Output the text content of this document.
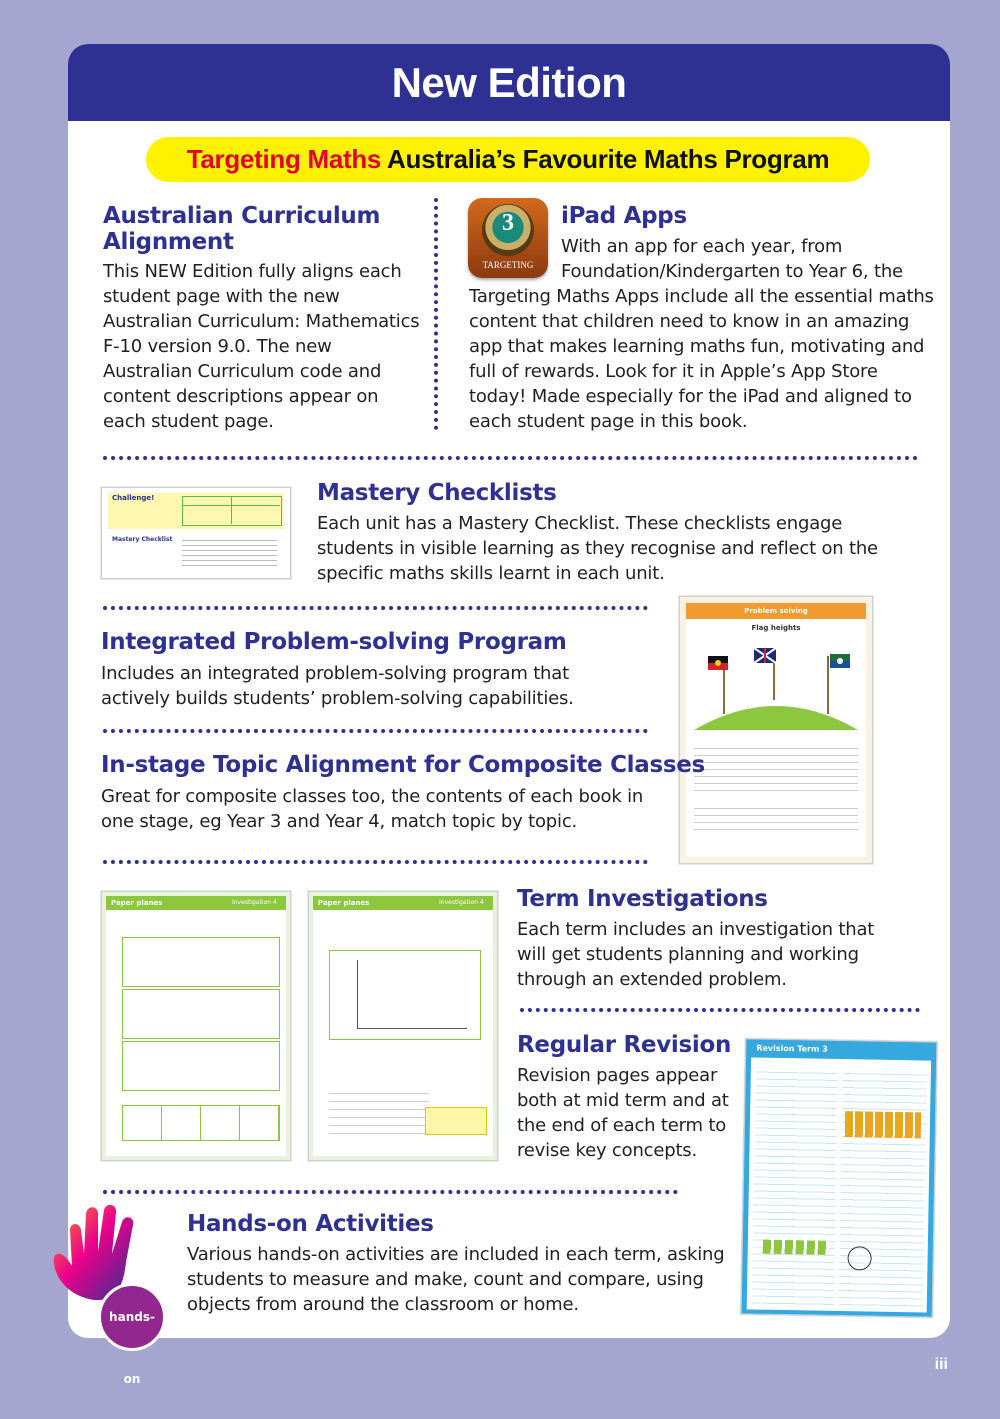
New Edition
Targeting Maths Australia’s Favourite Maths Program
Australian Curriculum
Alignment
This NEW Edition fully aligns each student page with the new Australian Curriculum: Mathematics F-10 version 9.0. The new Australian Curriculum code and content descriptions appear on each student page.
3
TARGETING
iPad Apps
With an app for each year, from
Foundation/Kindergarten to Year 6, the
Targeting Maths Apps include all the essential maths content that children need to know in an amazing app that makes learning maths fun, motivating and full of rewards. Look for it in Apple’s App Store today! Made especially for the iPad and aligned to each student page in this book.
Challenge!
Mastery Checklist
Mastery Checklists
Each unit has a Mastery Checklist. These checklists engage students in visible learning as they recognise and reflect on the specific maths skills learnt in each unit.
Problem solving
Flag heights
Integrated Problem-solving Program
Includes an integrated problem-solving program that actively builds students’ problem-solving capabilities.
In-stage Topic Alignment for Composite Classes
Great for composite classes too, the contents of each book in one stage, eg Year 3 and Year 4, match topic by topic.
Paper planes	Investigation 4	Paper planes	Investigation 4 Term Investigations
Each term includes an investigation that will get students planning and working through an extended problem.
Regular Revision
Revision pages appear both at mid term and at the end of each term to revise key concepts.
Revision Term 3
Hands-on Activities
Various hands-on activities are included in each term, asking students to measure and make, count and compare, using objects from around the classroom or home.
hands-on
iii
